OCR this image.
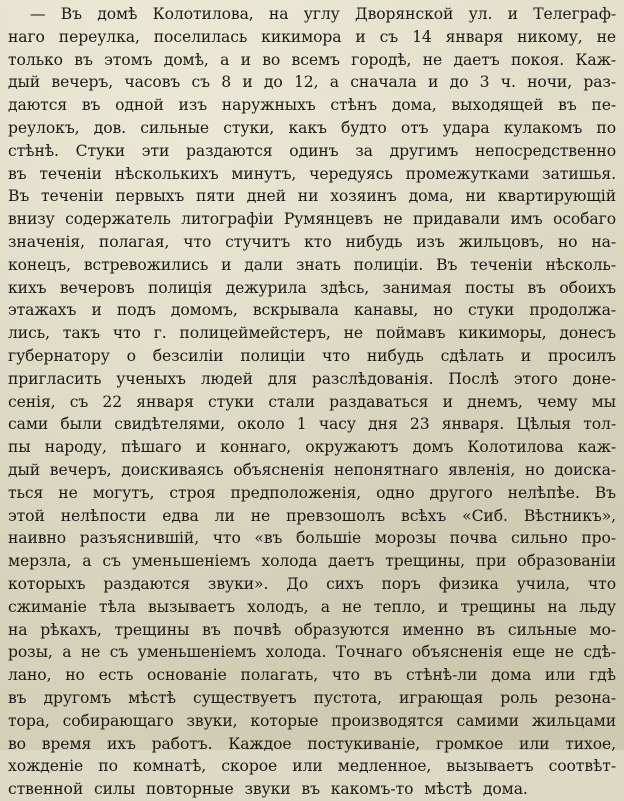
— Въ домѣ Колотилова, на углу Дворянской ул. и Телеграф-
наго переулка, поселилась кикимора и съ 14 января никому, не
только въ этомъ домѣ, а и во всемъ городѣ, не даетъ покоя. Каж-
дый вечеръ, часовъ съ 8 и до 12, а сначала и до 3 ч. ночи, раз-
даются въ одной изъ наружныхъ стѣнъ дома, выходящей въ пе-
реулокъ, дов. сильные стуки, какъ будто отъ удара кулакомъ по
стѣнѣ. Стуки эти раздаются одинъ за другимъ непосредственно
въ теченіи нѣсколькихъ минутъ, чередуясь промежутками затишья.
Въ теченіи первыхъ пяти дней ни хозяинъ дома, ни квартирующій
внизу содержатель литографіи Румянцевъ не придавали имъ особаго
значенія, полагая, что стучитъ кто нибудь изъ жильцовъ, но на-
конецъ, встревожились и дали знать полиціи. Въ теченіи нѣсколь-
кихъ вечеровъ полиція дежурила здѣсь, занимая посты въ обоихъ
этажахъ и подъ домомъ, вскрывала канавы, но стуки продолжа-
лись, такъ что г. полицеймейстеръ, не поймавъ кикиморы, донесъ
губернатору о безсиліи полиціи что нибудь сдѣлать и просилъ
пригласить ученыхъ людей для разслѣдованія. Послѣ этого доне-
сенія, съ 22 января стуки стали раздаваться и днемъ, чему мы
сами были свидѣтелями, около 1 часу дня 23 января. Цѣлыя тол-
пы народу, пѣшаго и коннаго, окружаютъ домъ Колотилова каж-
дый вечеръ, доискиваясь объясненія непонятнаго явленія, но доиска-
ться не могутъ, строя предположенія, одно другого нелѣпѣе. Въ
этой нелѣпости едва ли не превзошолъ всѣхъ «Сиб. Вѣстникъ»,
наивно разъяснившій, что «въ большіе морозы почва сильно про-
мерзла, а съ уменьшеніемъ холода даетъ трещины, при образованіи
которыхъ раздаются звуки». До сихъ поръ физика учила, что
сжиманіе тѣла вызываетъ холодъ, а не тепло, и трещины на льду
на рѣкахъ, трещины въ почвѣ образуются именно въ сильные мо-
розы, а не съ уменьшеніемъ холода. Точнаго объясненія еще не сдѣ-
лано, но есть основаніе полагать, что въ стѣнѣ-ли дома или гдѣ
въ другомъ мѣстѣ существуетъ пустота, играющая роль резона-
тора, собирающаго звуки, которые производятся самими жильцами
во время ихъ работъ. Каждое постукиваніе, громкое или тихое,
хожденіе по комнатѣ, скорое или медленное, вызываетъ соотвѣт-
ственной силы повторные звуки въ какомъ-то мѣстѣ дома.
